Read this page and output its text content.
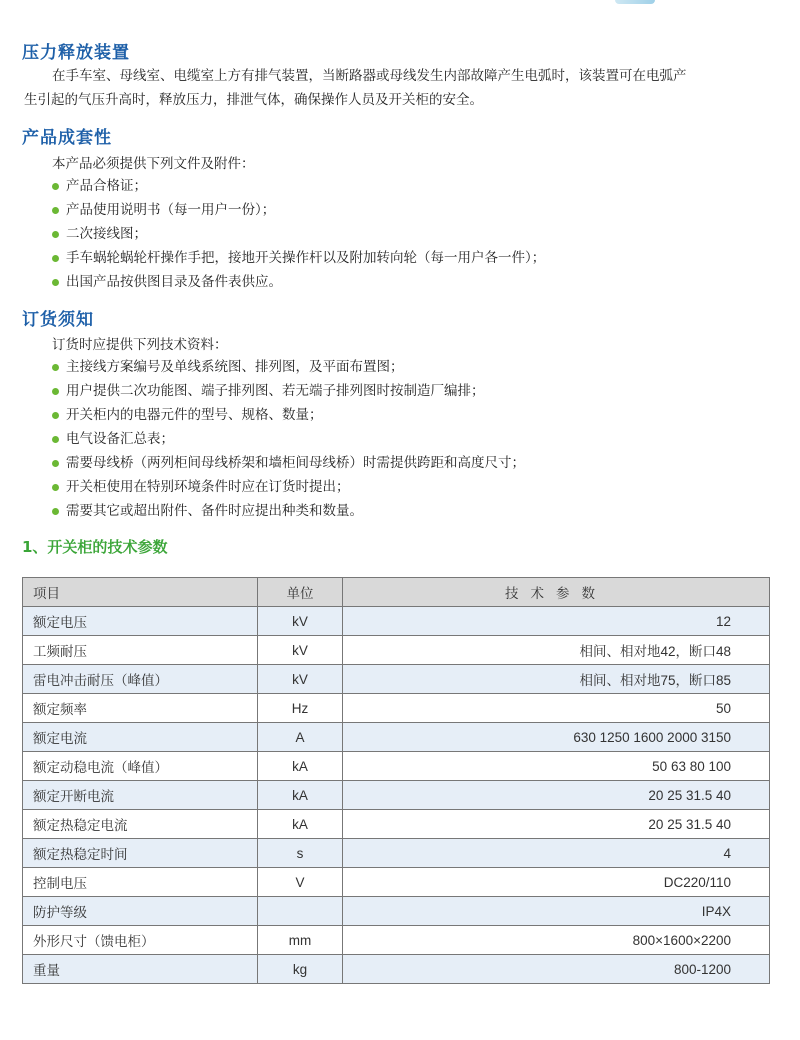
压力释放装置

在手车室、母线室、电缆室上方有排气装置，当断路器或母线发生内部故障产生电弧时，该装置可在电弧产

生引起的气压升高时，释放压力，排泄气体，确保操作人员及开关柜的安全。

产品成套性

本产品必须提供下列文件及附件：

产品合格证；
产品使用说明书（每一用户一份）；
二次接线图；
手车蜗轮蜗轮杆操作手把，接地开关操作杆以及附加转向轮（每一用户各一件）；
出国产品按供图目录及备件表供应。
订货须知

订货时应提供下列技术资料：

主接线方案编号及单线系统图、排列图，及平面布置图；
用户提供二次功能图、端子排列图、若无端子排列图时按制造厂编排；
开关柜内的电器元件的型号、规格、数量；
电气设备汇总表；
需要母线桥（两列柜间母线桥架和墙柜间母线桥）时需提供跨距和高度尺寸；
开关柜使用在特别环境条件时应在订货时提出；
需要其它或超出附件、备件时应提出种类和数量。
1、开关柜的技术参数
项目	单位	技术参数
额定电压	kV	12
工频耐压	kV	相间、相对地42，断口48
雷电冲击耐压（峰值）	kV	相间、相对地75，断口85
额定频率	Hz	50
额定电流	A	630 1250 1600 2000 3150
额定动稳电流（峰值）	kA	50 63 80 100
额定开断电流	kA	20 25 31.5 40
额定热稳定电流	kA	20 25 31.5 40
额定热稳定时间	s	4
控制电压	V	DC220/110
防护等级		IP4X
外形尺寸（馈电柜）	mm	800×1600×2200
重量	kg	800-1200
